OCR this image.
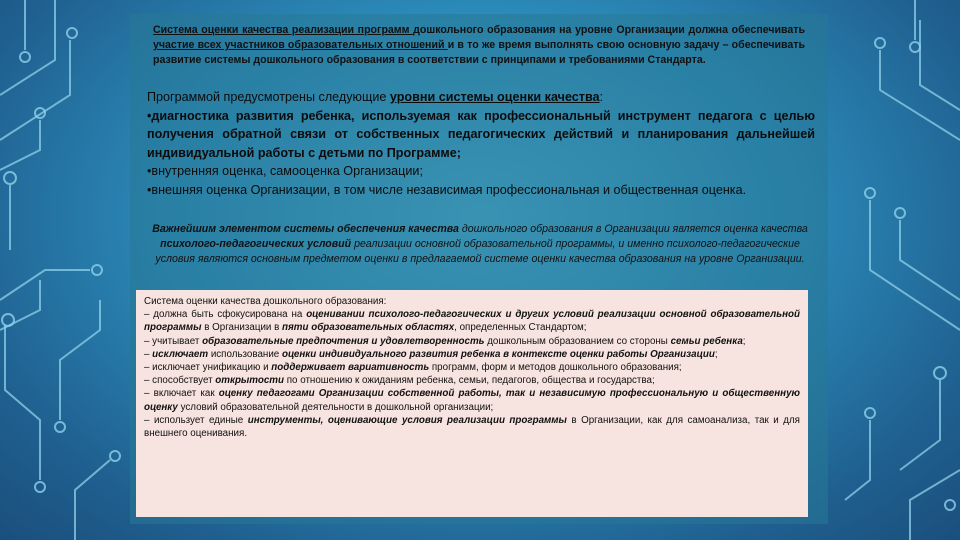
Система оценки качества реализации программ дошкольного образования на уровне Организации должна обеспечивать участие всех участников образовательных отношений и в то же время выполнять свою основную задачу – обеспечивать развитие системы дошкольного образования в соответствии с принципами и требованиями Стандарта.
Программой предусмотрены следующие уровни системы оценки качества:
•диагностика развития ребенка, используемая как профессиональный инструмент педагога с целью получения обратной связи от собственных педагогических действий и планирования дальнейшей индивидуальной работы с детьми по Программе;
•внутренняя оценка, самооценка Организации;
•внешняя оценка Организации, в том числе независимая профессиональная и общественная оценка.
Важнейшим элементом системы обеспечения качества дошкольного образования в Организации является оценка качества психолого-педагогических условий реализации основной образовательной программы, и именно психолого-педагогические условия являются основным предметом оценки в предлагаемой системе оценки качества образования на уровне Организации.
Система оценки качества дошкольного образования:
– должна быть сфокусирована на оценивании психолого-педагогических и других условий реализации основной образовательной программы в Организации в пяти образовательных областях, определенных Стандартом;
– учитывает образовательные предпочтения и удовлетворенность дошкольным образованием со стороны семьи ребенка;
– исключает использование оценки индивидуального развития ребенка в контексте оценки работы Организации;
– исключает унификацию и поддерживает вариативность программ, форм и методов дошкольного образования;
– способствует открытости по отношению к ожиданиям ребенка, семьи, педагогов, общества и государства;
– включает как оценку педагогами Организации собственной работы, так и независимую профессиональную и общественную оценку условий образовательной деятельности в дошкольной организации;
– использует единые инструменты, оценивающие условия реализации программы в Организации, как для самоанализа, так и для внешнего оценивания.
